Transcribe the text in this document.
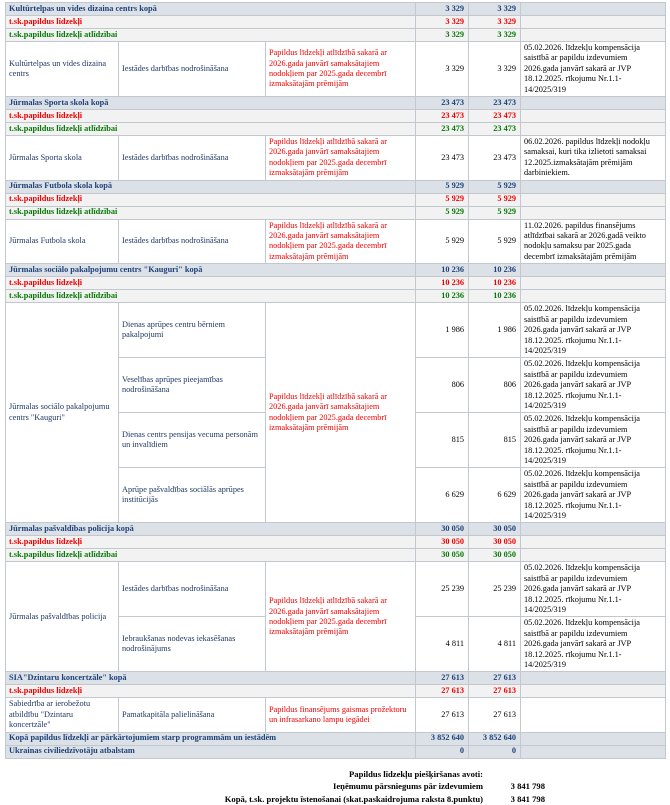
Kultūrtelpas un vides dizaina centrs kopā			3 329	3 329	
t.sk.papildus līdzekļi			3 329	3 329	
t.sk.papildus līdzekļi atlīdzībai			3 329	3 329	
Kultūrtelpas un vides dizaina centrs	Iestādes darbības nodrošināšana	Papildus līdzekļi atlīdzībā sakarā ar 2026.gada janvārī samaksātajiem nodokļiem par 2025.gada decembrī izmaksātajām prēmijām	3 329	3 329	05.02.2026. līdzekļu kompensācija saistībā ar papildu izdevumiem 2026.gada janvārī sakarā ar JVP 18.12.2025. rīkojumu Nr.1.1-14/2025/319
Jūrmalas Sporta skola kopā			23 473	23 473	
t.sk.papildus līdzekļi			23 473	23 473	
t.sk.papildus līdzekļi atlīdzībai			23 473	23 473	
Jūrmalas Sporta skola	Iestādes darbības nodrošināšana	Papildus līdzekļi atlīdzībā sakarā ar 2026.gada janvārī samaksātajiem nodokļiem par 2025.gada decembrī izmaksātajām prēmijām	23 473	23 473	06.02.2026. papildus līdzekļi nodokļu samaksai, kuri tika izlietoti samaksai 12.2025.izmaksātajām prēmijām darbiniekiem.
Jūrmalas Futbola skola kopā			5 929	5 929	
t.sk.papildus līdzekļi			5 929	5 929	
t.sk.papildus līdzekļi atlīdzībai			5 929	5 929	
Jūrmalas Futbola skola	Iestādes darbības nodrošināšana	Papildus līdzekļi atlīdzībā sakarā ar 2026.gada janvārī samaksātajiem nodokļiem par 2025.gada decembrī izmaksātajām prēmijām	5 929	5 929	11.02.2026. papildus finansējums atlīdzībai sakarā ar 2026.gadā veikto nodokļu samaksu par 2025.gada decembrī izmaksātajām prēmijām
Jūrmalas sociālo pakalpojumu centrs "Kauguri" kopā			10 236	10 236	
t.sk.papildus līdzekļi			10 236	10 236	
t.sk.papildus līdzekļi atlīdzībai			10 236	10 236	
Jūrmalas sociālo pakalpojumu centrs "Kauguri"	Dienas aprūpes centru bērniem pakalpojumi	Papildus līdzekļi atlīdzībā sakarā ar 2026.gada janvārī samaksātajiem nodokļiem par 2025.gada decembrī izmaksātajām prēmijām	1 986	1 986	05.02.2026. līdzekļu kompensācija saistībā ar papildu izdevumiem 2026.gada janvārī sakarā ar JVP 18.12.2025. rīkojumu Nr.1.1-14/2025/319
	Veselības aprūpes pieejamības nodrošināšana		806	806	05.02.2026. līdzekļu kompensācija saistībā ar papildu izdevumiem 2026.gada janvārī sakarā ar JVP 18.12.2025. rīkojumu Nr.1.1-14/2025/319
	Dienas centrs pensijas vecuma personām un invalīdiem		815	815	05.02.2026. līdzekļu kompensācija saistībā ar papildu izdevumiem 2026.gada janvārī sakarā ar JVP 18.12.2025. rīkojumu Nr.1.1-14/2025/319
	Aprūpe pašvaldības sociālās aprūpes institūcijās		6 629	6 629	05.02.2026. līdzekļu kompensācija saistībā ar papildu izdevumiem 2026.gada janvārī sakarā ar JVP 18.12.2025. rīkojumu Nr.1.1-14/2025/319
Jūrmalas pašvaldības policija kopā			30 050	30 050	
t.sk.papildus līdzekļi			30 050	30 050	
t.sk.papildus līdzekļi atlīdzībai			30 050	30 050	
Jūrmalas pašvaldības policija	Iestādes darbības nodrošināšana	Papildus līdzekļi atlīdzībā sakarā ar 2026.gada janvārī samaksātajiem nodokļiem par 2025.gada decembrī izmaksātajām prēmijām	25 239	25 239	05.02.2026. līdzekļu kompensācija saistībā ar papildu izdevumiem 2026.gada janvārī sakarā ar JVP 18.12.2025. rīkojumu Nr.1.1-14/2025/319
	Iebraukšanas nodevas iekasēšanas nodrošinājums		4 811	4 811	05.02.2026. līdzekļu kompensācija saistībā ar papildu izdevumiem 2026.gada janvārī sakarā ar JVP 18.12.2025. rīkojumu Nr.1.1-14/2025/319
SIA"Dzintaru koncertzāle" kopā			27 613	27 613	
t.sk.papildus līdzekļi			27 613	27 613	
Sabiedrība ar ierobežotu atbildību "Dzintaru koncertzāle"	Pamatkapitāla palielināšana	Papildus finansējums gaismas prožektoru un infrasarkano lampu iegādei	27 613	27 613	
Kopā papildus līdzekļi ar pārkārtojumiem starp programmām un iestādēm			3 852 640	3 852 640	
Ukrainas civiliedzīvotāju atbalstam			0	0	
Papildus līdzekļu piešķiršanas avoti:
Ieņēmumu pārsniegums pār izdevumiem	3 841 798
Kopā, t.sk. projektu īstenošanai (skat.paskaidrojuma raksta 8.punktu)	3 841 798
